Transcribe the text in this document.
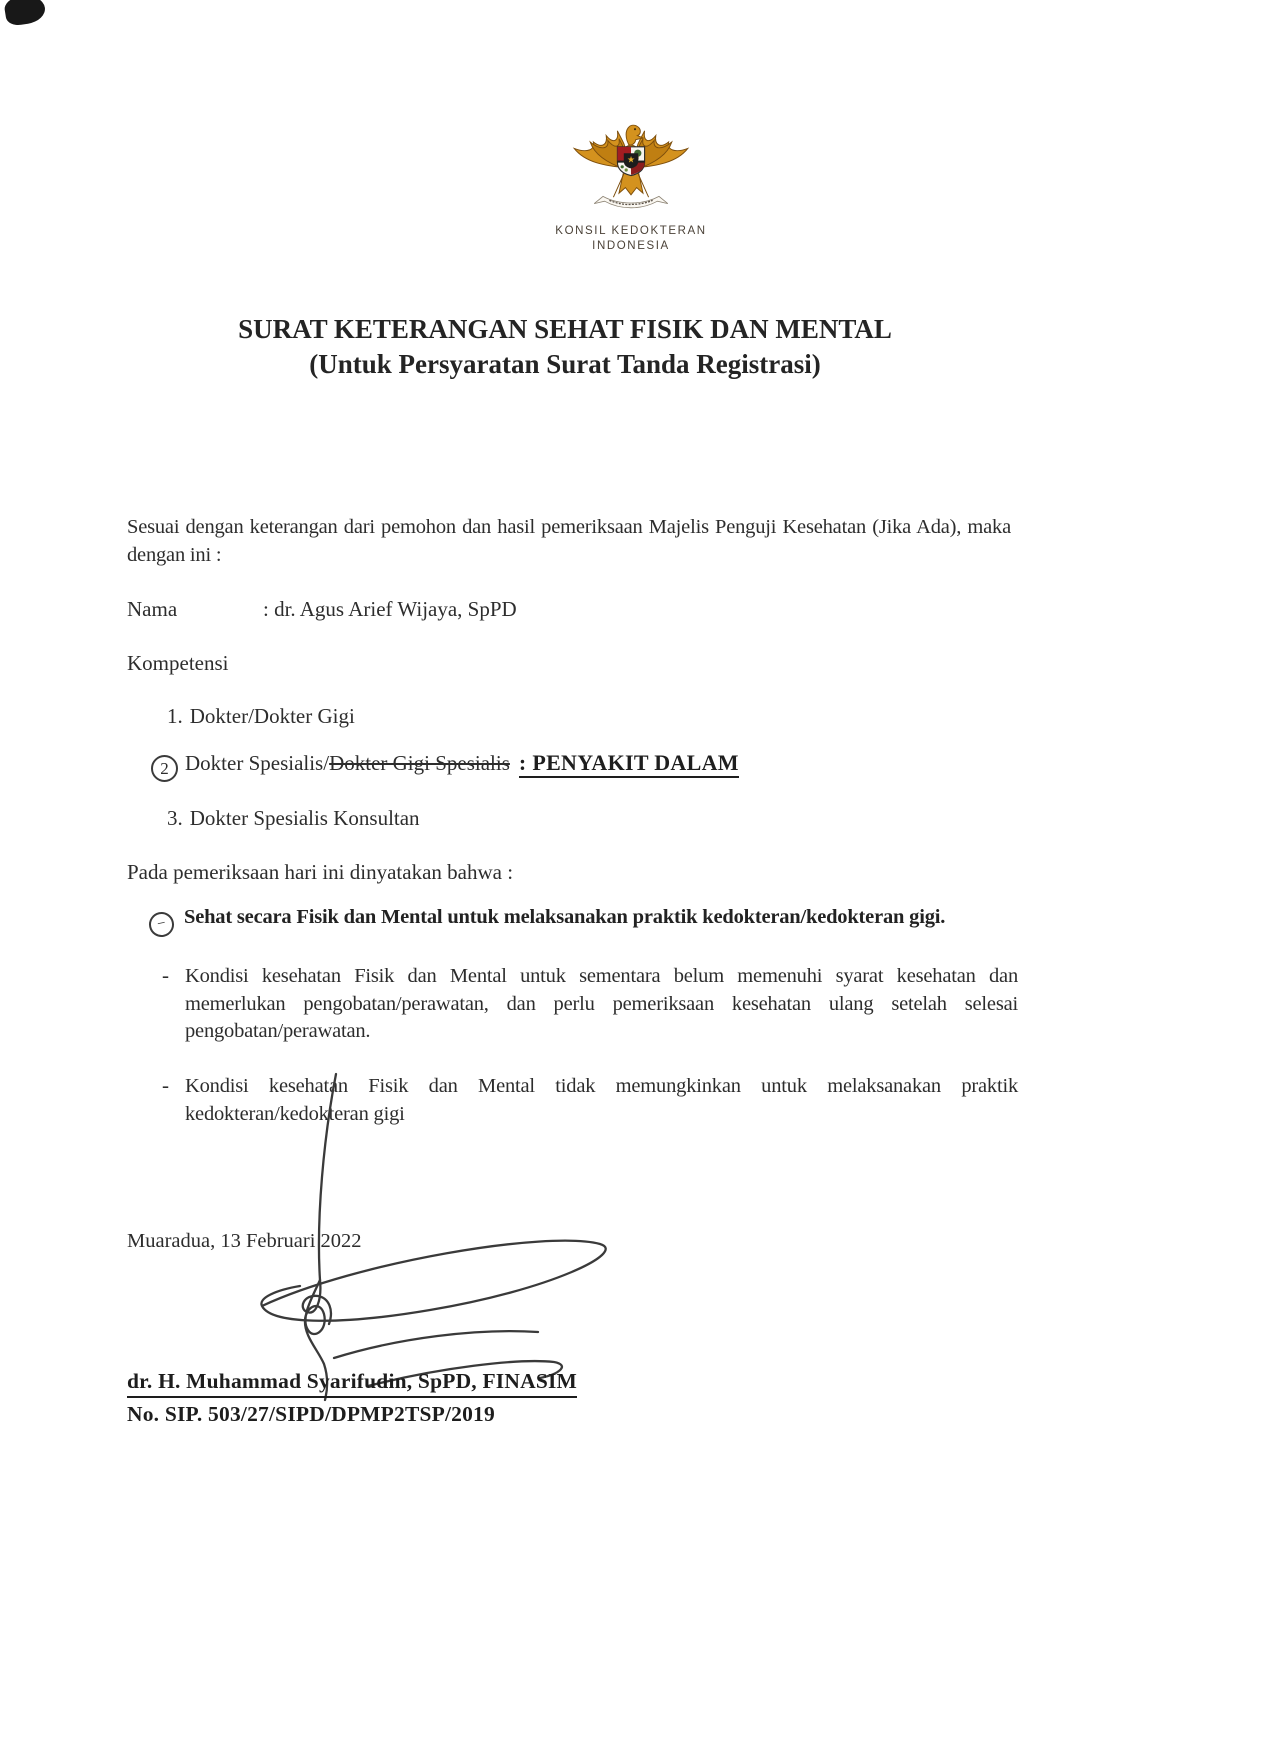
★
KONSIL KEDOKTERAN
INDONESIA
SURAT KETERANGAN SEHAT FISIK DAN MENTAL
(Untuk Persyaratan Surat Tanda Registrasi)
Sesuai dengan keterangan dari pemohon dan hasil pemeriksaan Majelis Penguji Kesehatan (Jika Ada), maka dengan ini :
Nama	: dr. Agus Arief Wijaya, SpPD
Kompetensi
1. Dokter/Dokter Gigi
2 Dokter Spesialis/Dokter Gigi Spesialis : PENYAKIT DALAM
3. Dokter Spesialis Konsultan
Pada pemeriksaan hari ini dinyatakan bahwa :
− Sehat secara Fisik dan Mental untuk melaksanakan praktik kedokteran/kedokteran gigi.
- Kondisi kesehatan Fisik dan Mental untuk sementara belum memenuhi syarat kesehatan dan memerlukan pengobatan/perawatan, dan perlu pemeriksaan kesehatan ulang setelah selesai pengobatan/perawatan.

- Kondisi kesehatan Fisik dan Mental tidak memungkinkan untuk melaksanakan praktik kedokteran/kedokteran gigi

Muaradua, 13 Februari 2022
dr. H. Muhammad Syarifudin, SpPD, FINASIM
No. SIP. 503/27/SIPD/DPMP2TSP/2019
